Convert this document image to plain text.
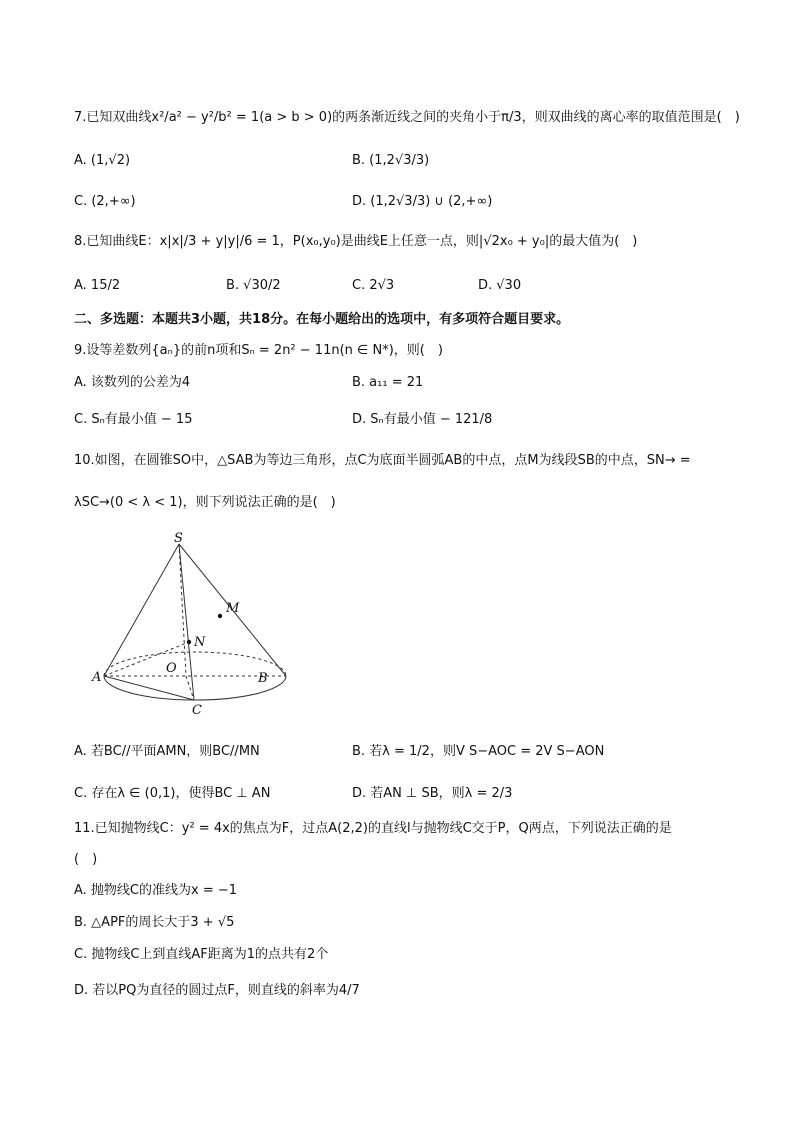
7.已知双曲线x²/a² − y²/b² = 1(a > b > 0)的两条渐近线之间的夹角小于π/3，则双曲线的离心率的取值范围是(　)
A. (1,√2)	B. (1,2√3/3)
C. (2,+∞)	D. (1,2√3/3) ∪ (2,+∞)
8.已知曲线E：x|x|/3 + y|y|/6 = 1，P(x₀,y₀)是曲线E上任意一点，则|√2x₀ + y₀|的最大值为(　)
A. 15/2	B. √30/2	C. 2√3	D. √30
二、多选题：本题共3小题，共18分。在每小题给出的选项中，有多项符合题目要求。
9.设等差数列{aₙ}的前n项和Sₙ = 2n² − 11n(n ∈ N*)，则(　)
A. 该数列的公差为4	B. a₁₁ = 21
C. Sₙ有最小值 − 15	D. Sₙ有最小值 − 121/8
10.如图，在圆锥SO中，△SAB为等边三角形，点C为底面半圆弧AB的中点，点M为线段SB的中点，SN→ =
λSC→(0 < λ < 1)，则下列说法正确的是(　)
S
M
N
O
A	B
C
A. 若BC//平面AMN，则BC//MN	B. 若λ = 1/2，则V S−AOC = 2V S−AON
C. 存在λ ∈ (0,1)，使得BC ⊥ AN	D. 若AN ⊥ SB，则λ = 2/3
11.已知抛物线C：y² = 4x的焦点为F，过点A(2,2)的直线l与抛物线C交于P，Q两点，下列说法正确的是
(　)
A. 抛物线C的准线为x = −1
B. △APF的周长大于3 + √5
C. 抛物线C上到直线AF距离为1的点共有2个
D. 若以PQ为直径的圆过点F，则直线的斜率为4/7
